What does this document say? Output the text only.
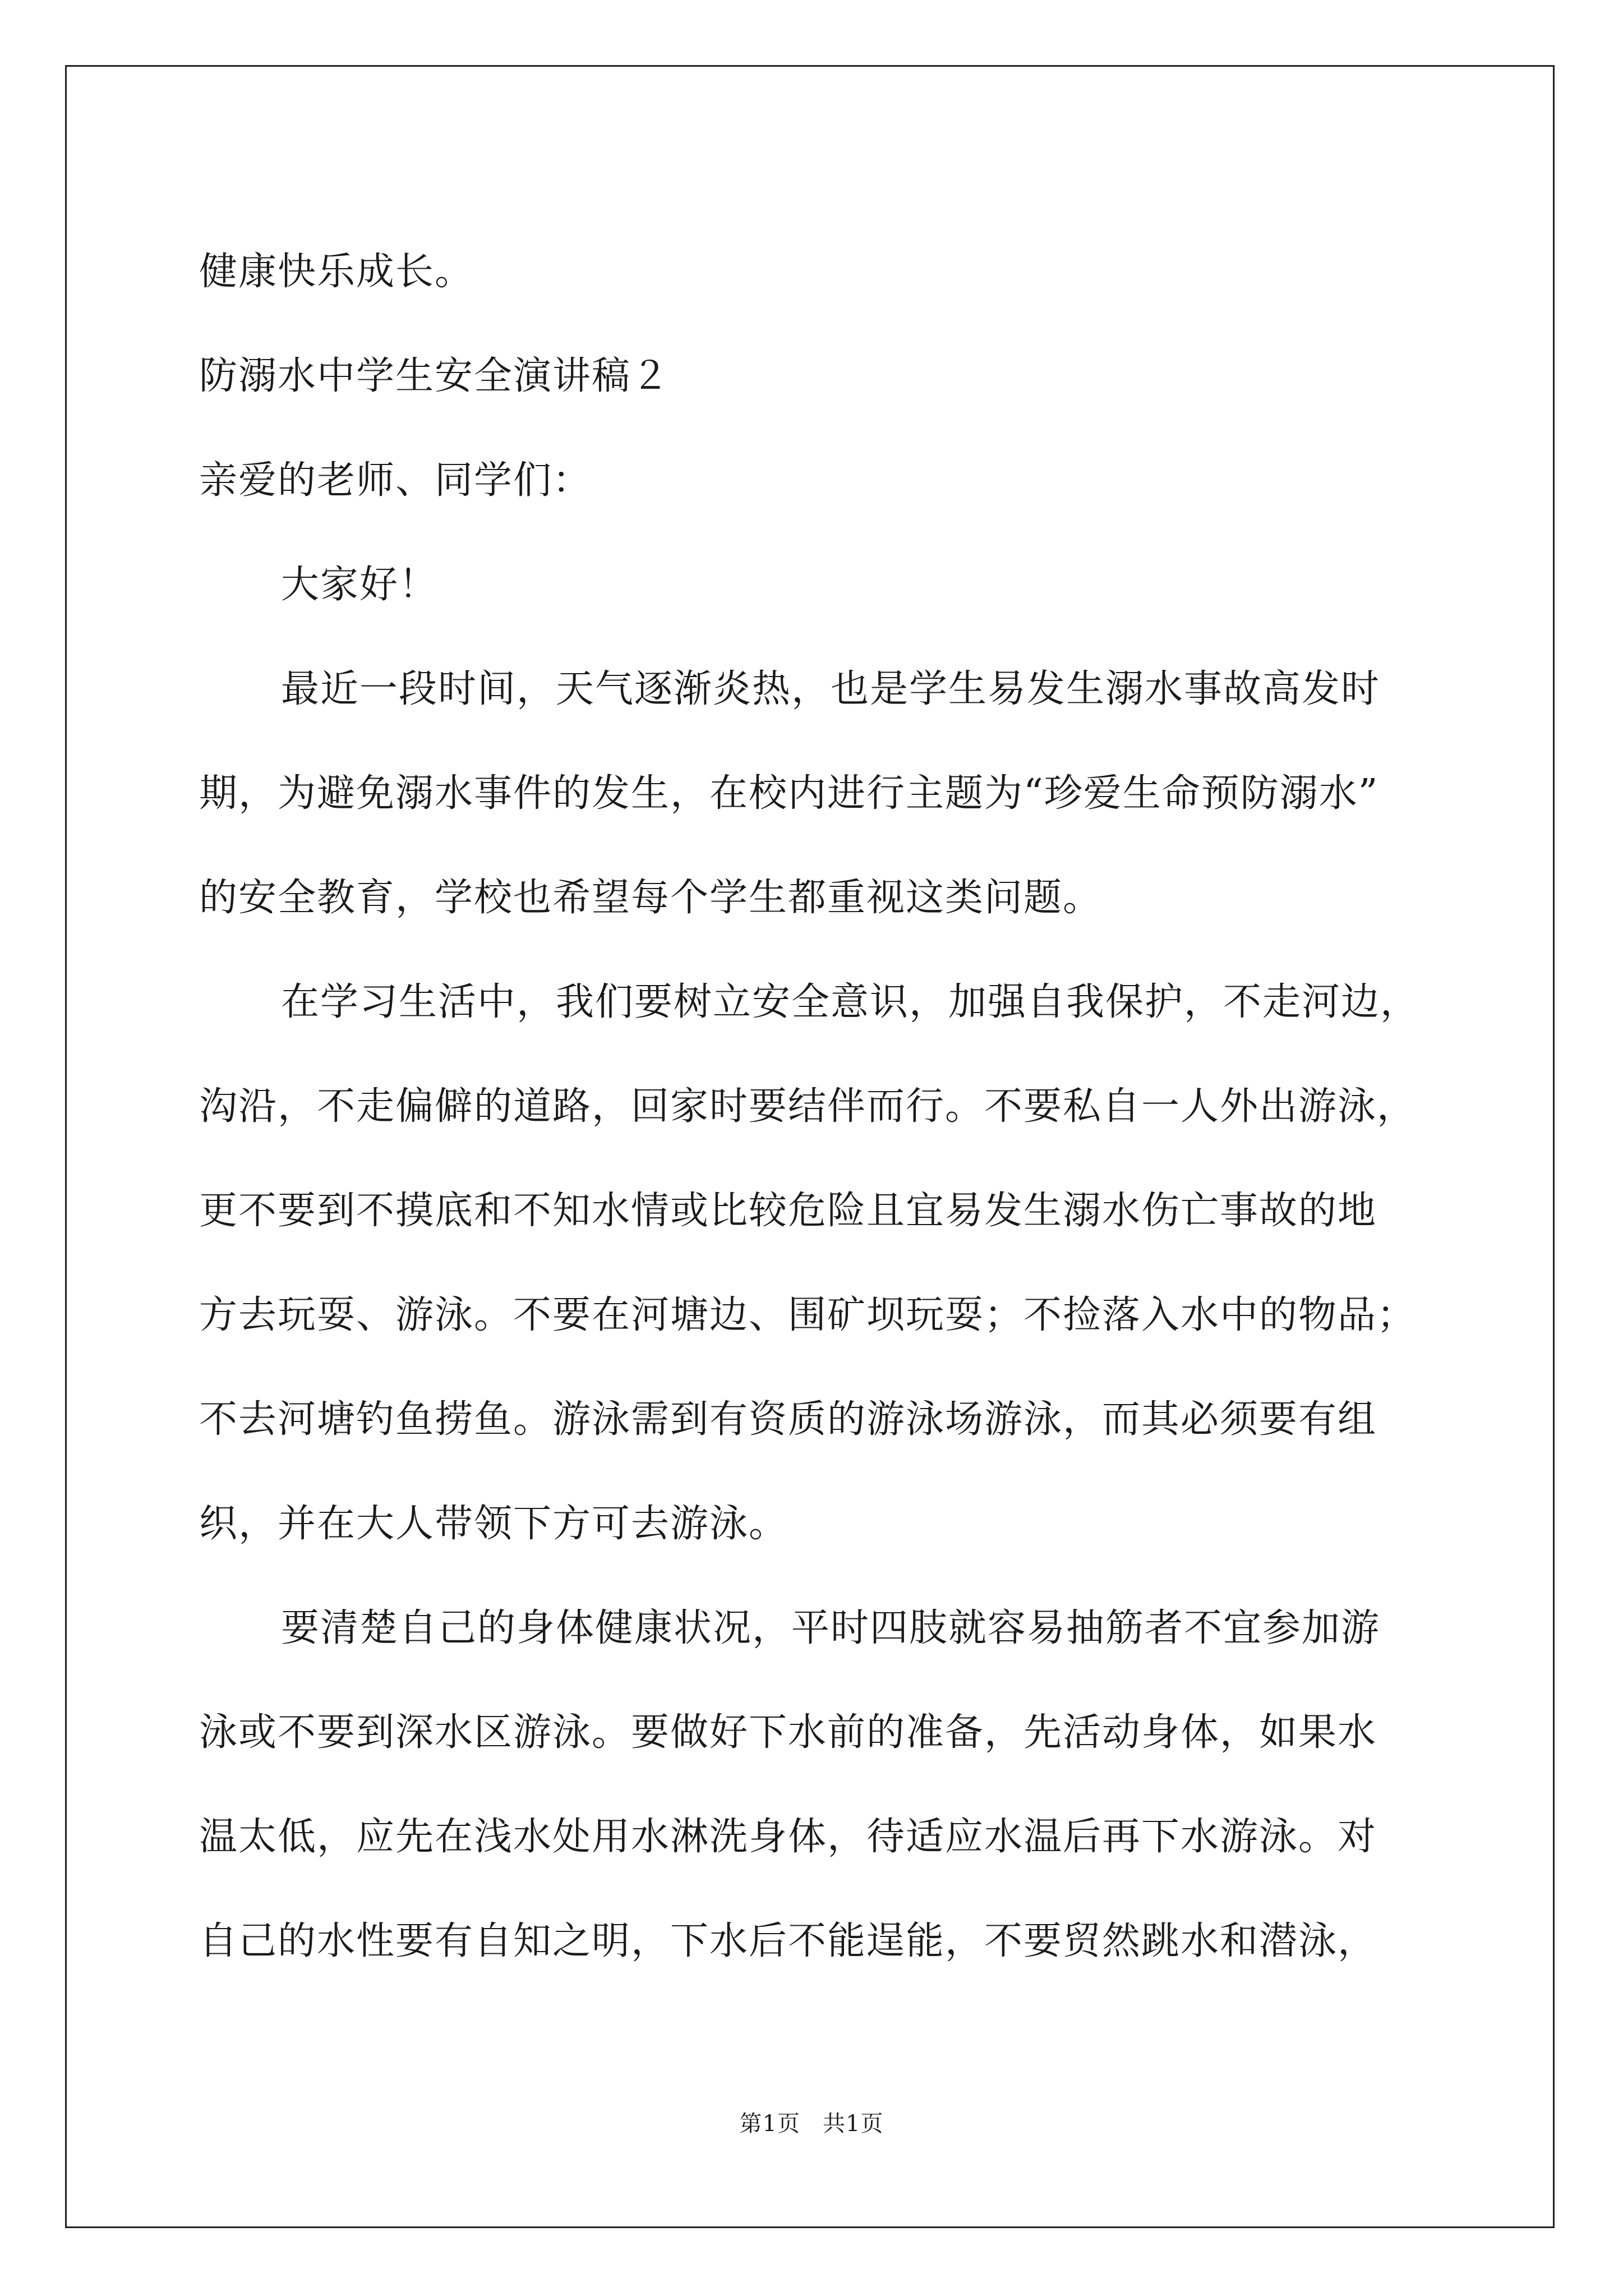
健康快乐成长。

防溺水中学生安全演讲稿２

亲爱的老师、同学们：

大家好！

最近一段时间，天气逐渐炎热，也是学生易发生溺水事故高发时

期，为避免溺水事件的发生，在校内进行主题为“珍爱生命预防溺水”

的安全教育，学校也希望每个学生都重视这类问题。

在学习生活中，我们要树立安全意识，加强自我保护，不走河边，

沟沿，不走偏僻的道路，回家时要结伴而行。不要私自一人外出游泳，

更不要到不摸底和不知水情或比较危险且宜易发生溺水伤亡事故的地

方去玩耍、游泳。不要在河塘边、围矿坝玩耍；不捡落入水中的物品；

不去河塘钓鱼捞鱼。游泳需到有资质的游泳场游泳，而其必须要有组

织，并在大人带领下方可去游泳。

要清楚自己的身体健康状况，平时四肢就容易抽筋者不宜参加游

泳或不要到深水区游泳。要做好下水前的准备，先活动身体，如果水

温太低，应先在浅水处用水淋洗身体，待适应水温后再下水游泳。对

自己的水性要有自知之明，下水后不能逞能，不要贸然跳水和潜泳，

第1页 共1页
